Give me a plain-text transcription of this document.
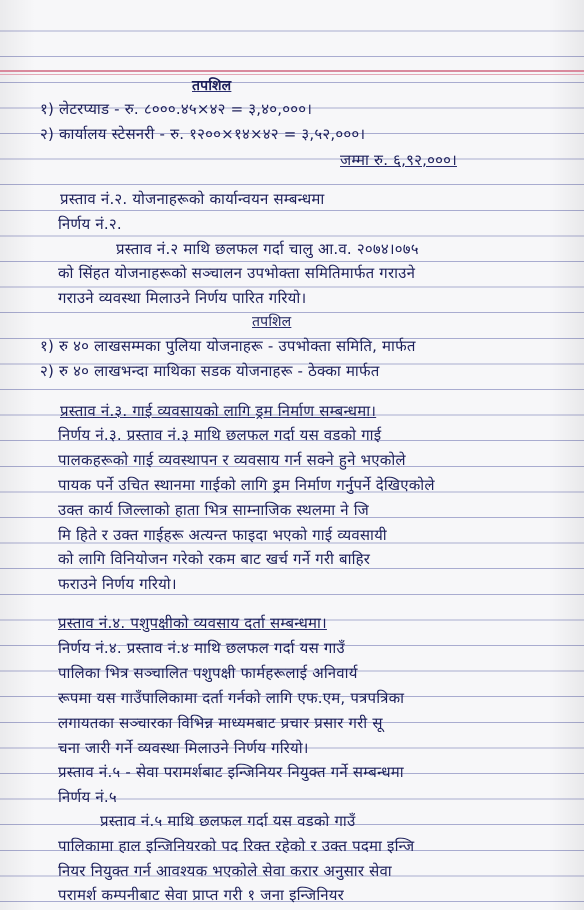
तपशिल
१) लेटरप्याड - रु. ८०००.४५×४२ = ३,४०,०००।
२) कार्यालय स्टेसनरी - रु. १२००×१४×४२ = ३,५२,०००।
जम्मा रु. ६,९२,०००।
प्रस्ताव नं.२. योजनाहरूको कार्यान्वयन सम्बन्धमा
निर्णय नं.२.
प्रस्ताव नं.२ माथि छलफल गर्दा चालु आ.व. २०७४।०७५
को सिंहत योजनाहरूको सञ्चालन उपभोक्ता समितिमार्फत गराउने
गराउने व्यवस्था मिलाउने निर्णय पारित गरियो।
तपशिल
१) रु ४० लाखसम्मका पुलिया योजनाहरू - उपभोक्ता समिति, मार्फत
२) रु ४० लाखभन्दा माथिका सडक योजनाहरू - ठेक्का मार्फत
प्रस्ताव नं.३. गाई व्यवसायको लागि ड्रम निर्माण सम्बन्धमा।
निर्णय नं.३. प्रस्ताव नं.३ माथि छलफल गर्दा यस वडको गाई
पालकहरूको गाई व्यवस्थापन र व्यवसाय गर्न सक्ने हुने भएकोले
पायक पर्ने उचित स्थानमा गाईको लागि ड्रम निर्माण गर्नुपर्ने देखिएकोले
उक्त कार्य जिल्लाको हाता भित्र साम्नाजिक स्थलमा ने जि
मि हिते र उक्त गाईहरू अत्यन्त फाइदा भएको गाई व्यवसायी
को लागि विनियोजन गरेको रकम बाट खर्च गर्ने गरी बाहिर
फराउने निर्णय गरियो।
प्रस्ताव नं.४. पशुपक्षीको व्यवसाय दर्ता सम्बन्धमा।
निर्णय नं.४. प्रस्ताव नं.४ माथि छलफल गर्दा यस गाउँ
पालिका भित्र सञ्चालित पशुपक्षी फार्महरूलाई अनिवार्य
रूपमा यस गाउँपालिकामा दर्ता गर्नको लागि एफ.एम, पत्रपत्रिका
लगायतका सञ्चारका विभिन्न माध्यमबाट प्रचार प्रसार गरी सू
चना जारी गर्ने व्यवस्था मिलाउने निर्णय गरियो।
प्रस्ताव नं.५ - सेवा परामर्शबाट इन्जिनियर नियुक्त गर्ने सम्बन्धमा
निर्णय नं.५
प्रस्ताव नं.५ माथि छलफल गर्दा यस वडको गाउँ
पालिकामा हाल इन्जिनियरको पद रिक्त रहेको र उक्त पदमा इन्जि
नियर नियुक्त गर्न आवश्यक भएकोले सेवा करार अनुसार सेवा
परामर्श कम्पनीबाट सेवा प्राप्त गरी १ जना इन्जिनियर
